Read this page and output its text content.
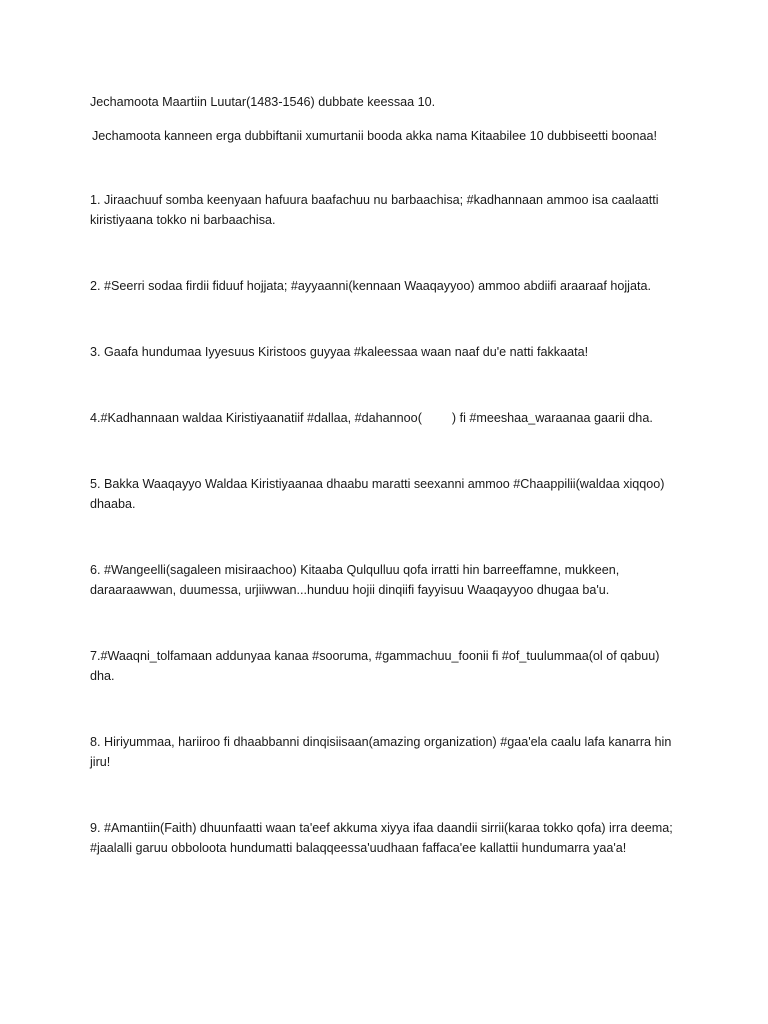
Jechamoota Maartiin Luutar(1483-1546) dubbate keessaa 10.

Jechamoota kanneen erga dubbiftanii xumurtanii booda akka nama Kitaabilee 10 dubbiseetti boonaa!

1. Jiraachuuf somba keenyaan hafuura baafachuu nu barbaachisa; #kadhannaan ammoo isa caalaatti kiristiyaana tokko ni barbaachisa.

2. #Seerri sodaa firdii fiduuf hojjata; #ayyaanni(kennaan Waaqayyoo) ammoo abdiifi araaraaf hojjata.

3. Gaafa hundumaa Iyyesuus Kiristoos guyyaa #kaleessaa waan naaf du'e natti fakkaata!

4.#Kadhannaan waldaa Kiristiyaanatiif #dallaa, #dahannoo( ) fi #meeshaa_waraanaa gaarii dha.

5. Bakka Waaqayyo Waldaa Kiristiyaanaa dhaabu maratti seexanni ammoo #Chaappilii(waldaa xiqqoo) dhaaba.

6. #Wangeelli(sagaleen misiraachoo) Kitaaba Qulqulluu qofa irratti hin barreeffamne, mukkeen, daraaraawwan, duumessa, urjiiwwan...hunduu hojii dinqiifi fayyisuu Waaqayyoo dhugaa ba'u.

7.#Waaqni_tolfamaan addunyaa kanaa #sooruma, #gammachuu_foonii fi #of_tuulummaa(ol of qabuu) dha.

8. Hiriyummaa, hariiroo fi dhaabbanni dinqisiisaan(amazing organization) #gaa'ela caalu lafa kanarra hin jiru!

9. #Amantiin(Faith) dhuunfaatti waan ta'eef akkuma xiyya ifaa daandii sirrii(karaa tokko qofa) irra deema; #jaalalli garuu obboloota hundumatti balaqqeessa'uudhaan faffaca'ee kallattii hundumarra yaa'a!
